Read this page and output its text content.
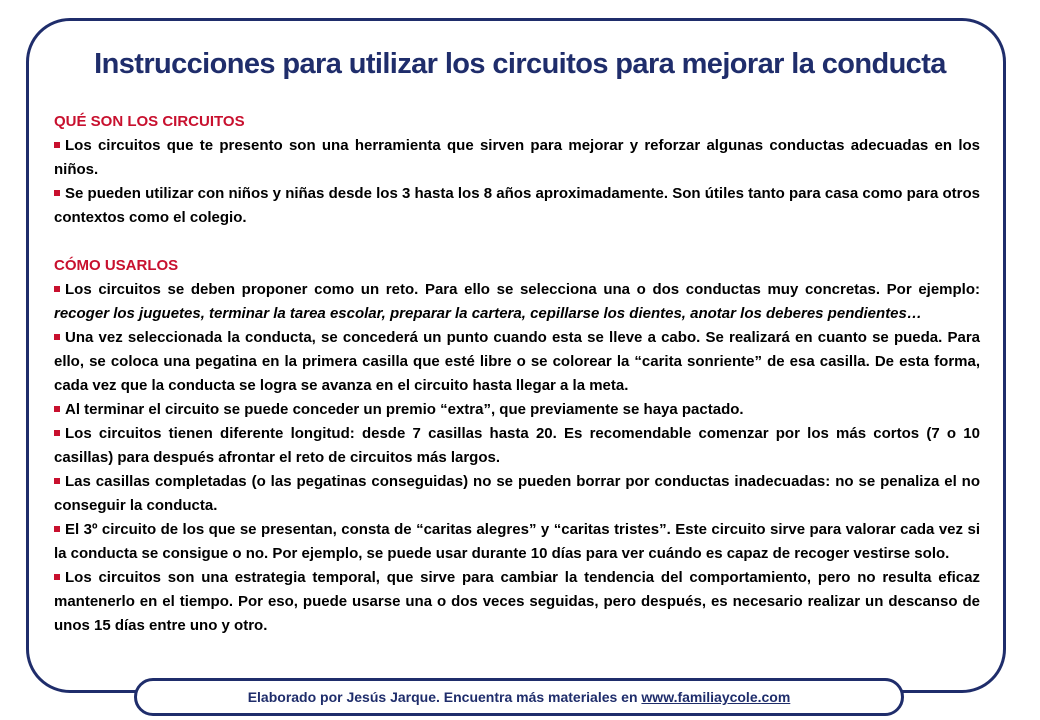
Instrucciones para utilizar los circuitos para mejorar la conducta
QUÉ SON LOS CIRCUITOS
Los circuitos que te presento son una herramienta que sirven para mejorar y reforzar algunas conductas adecuadas en los niños.
Se pueden utilizar con niños y niñas desde los 3 hasta los 8 años aproximadamente. Son útiles tanto para casa como para otros contextos como el colegio.
CÓMO USARLOS
Los circuitos se deben proponer como un reto. Para ello se selecciona una o dos conductas muy concretas. Por ejemplo: recoger los juguetes, terminar la tarea escolar, preparar la cartera, cepillarse los dientes, anotar los deberes pendientes…
Una vez seleccionada la conducta, se concederá un punto cuando esta se lleve a cabo. Se realizará en cuanto se pueda. Para ello, se coloca una pegatina en la primera casilla que esté libre o se colorear la “carita sonriente” de esa casilla. De esta forma, cada vez que la conducta se logra se avanza en el circuito hasta llegar a la meta.
Al terminar el circuito se puede conceder un premio “extra”, que previamente se haya pactado.
Los circuitos tienen diferente longitud: desde 7 casillas hasta 20. Es recomendable comenzar por los más cortos (7 o 10 casillas) para después afrontar el reto de circuitos más largos.
Las casillas completadas (o las pegatinas conseguidas) no se pueden borrar por conductas inadecuadas: no se penaliza el no conseguir la conducta.
El 3º circuito de los que se presentan, consta de “caritas alegres” y “caritas tristes”. Este circuito sirve para valorar cada vez si la conducta se consigue o no. Por ejemplo, se puede usar durante 10 días para ver cuándo es capaz de recoger vestirse solo.
Los circuitos son una estrategia temporal, que sirve para cambiar la tendencia del comportamiento, pero no resulta eficaz mantenerlo en el tiempo. Por eso, puede usarse una o dos veces seguidas, pero después, es necesario realizar un descanso de unos 15 días entre uno y otro.
Elaborado por Jesús Jarque. Encuentra más materiales en www.familiaycole.com
